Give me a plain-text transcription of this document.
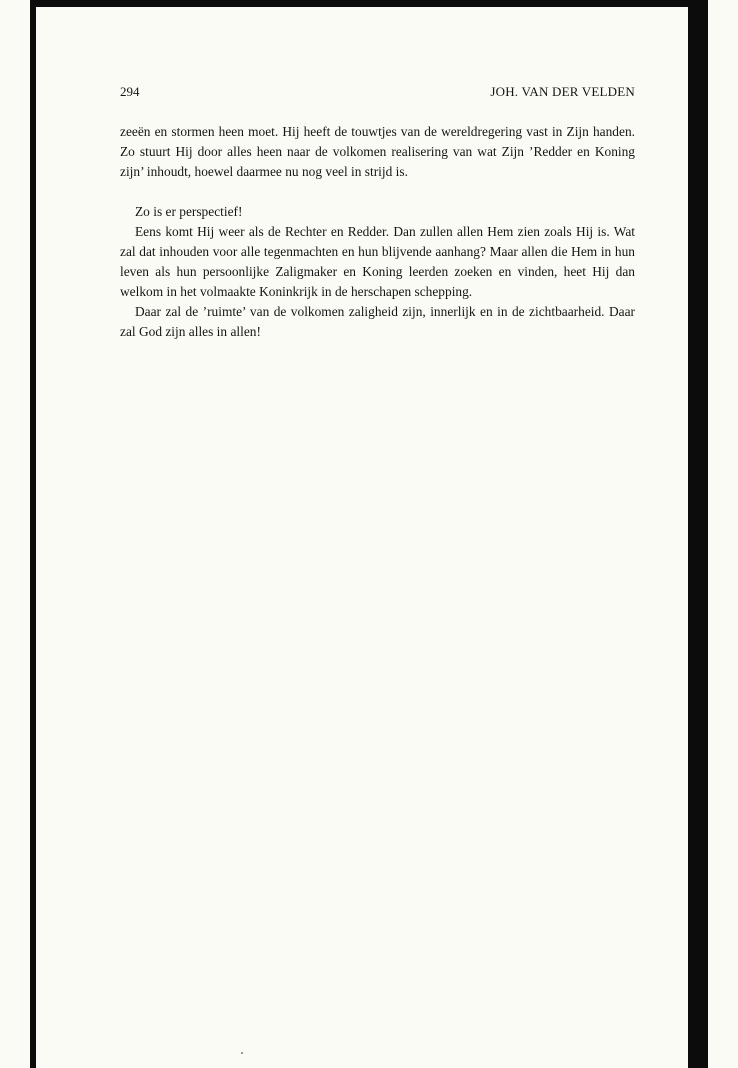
294	JOH. VAN DER VELDEN

zeeën en stormen heen moet. Hij heeft de touwtjes van de wereldregering vast in Zijn handen. Zo stuurt Hij door alles heen naar de volkomen realisering van wat Zijn ’Redder en Koning zijn’ inhoudt, hoewel daarmee nu nog veel in strijd is.

Zo is er perspectief!

Eens komt Hij weer als de Rechter en Redder. Dan zullen allen Hem zien zoals Hij is. Wat zal dat inhouden voor alle tegenmachten en hun blijvende aanhang? Maar allen die Hem in hun leven als hun persoonlijke Zaligmaker en Koning leerden zoeken en vinden, heet Hij dan welkom in het volmaakte Koninkrijk in de herschapen schepping.

Daar zal de ’ruimte’ van de volkomen zaligheid zijn, innerlijk en in de zichtbaarheid. Daar zal God zijn alles in allen!
